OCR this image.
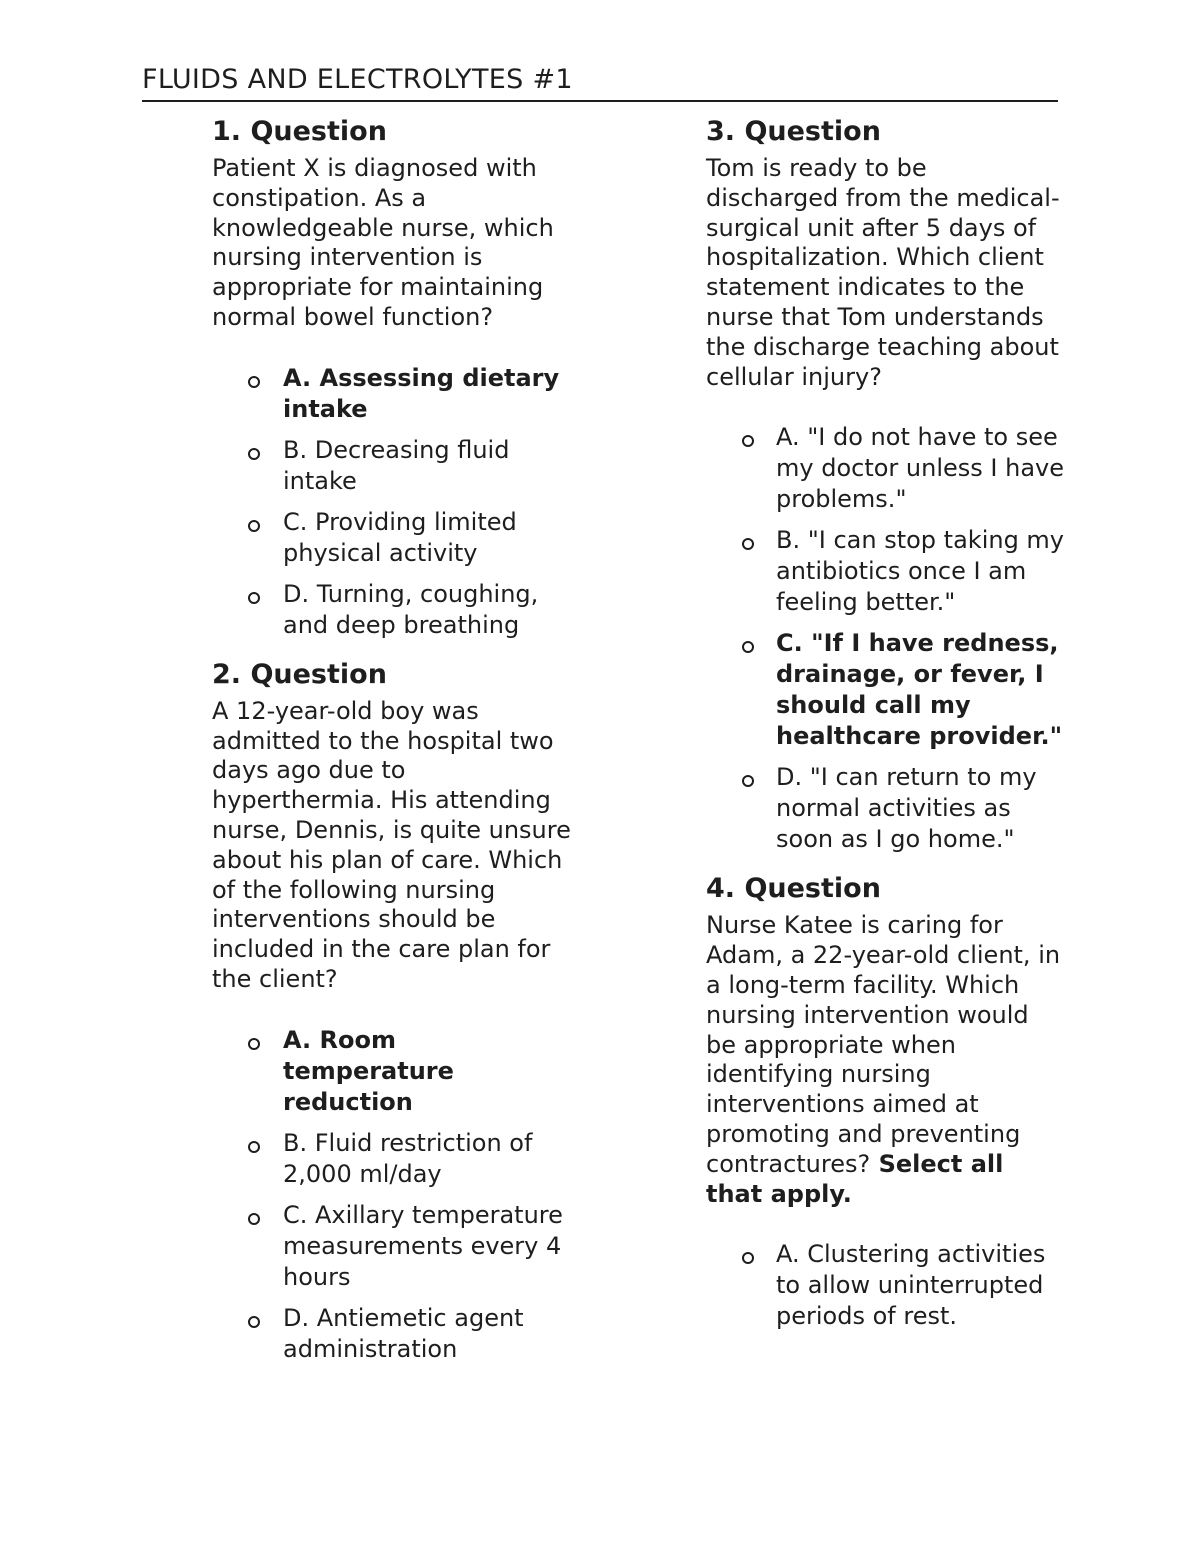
FLUIDS AND ELECTROLYTES #1
1. Question
Patient X is diagnosed with constipation. As a knowledgeable nurse, which nursing intervention is appropriate for maintaining normal bowel function?
A. Assessing dietary intake
B. Decreasing fluid intake
C. Providing limited physical activity
D. Turning, coughing, and deep breathing
2. Question
A 12-year-old boy was admitted to the hospital two days ago due to hyperthermia. His attending nurse, Dennis, is quite unsure about his plan of care. Which of the following nursing interventions should be included in the care plan for the client?
A. Room temperature reduction
B. Fluid restriction of 2,000 ml/day
C. Axillary temperature measurements every 4 hours
D. Antiemetic agent administration
3. Question
Tom is ready to be discharged from the medical-surgical unit after 5 days of hospitalization. Which client statement indicates to the nurse that Tom understands the discharge teaching about cellular injury?
A. "I do not have to see my doctor unless I have problems."
B. "I can stop taking my antibiotics once I am feeling better."
C. "If I have redness, drainage, or fever, I should call my healthcare provider."
D. "I can return to my normal activities as soon as I go home."
4. Question
Nurse Katee is caring for Adam, a 22-year-old client, in a long-term facility. Which nursing intervention would be appropriate when identifying nursing interventions aimed at promoting and preventing contractures? Select all that apply.
A. Clustering activities to allow uninterrupted periods of rest.
